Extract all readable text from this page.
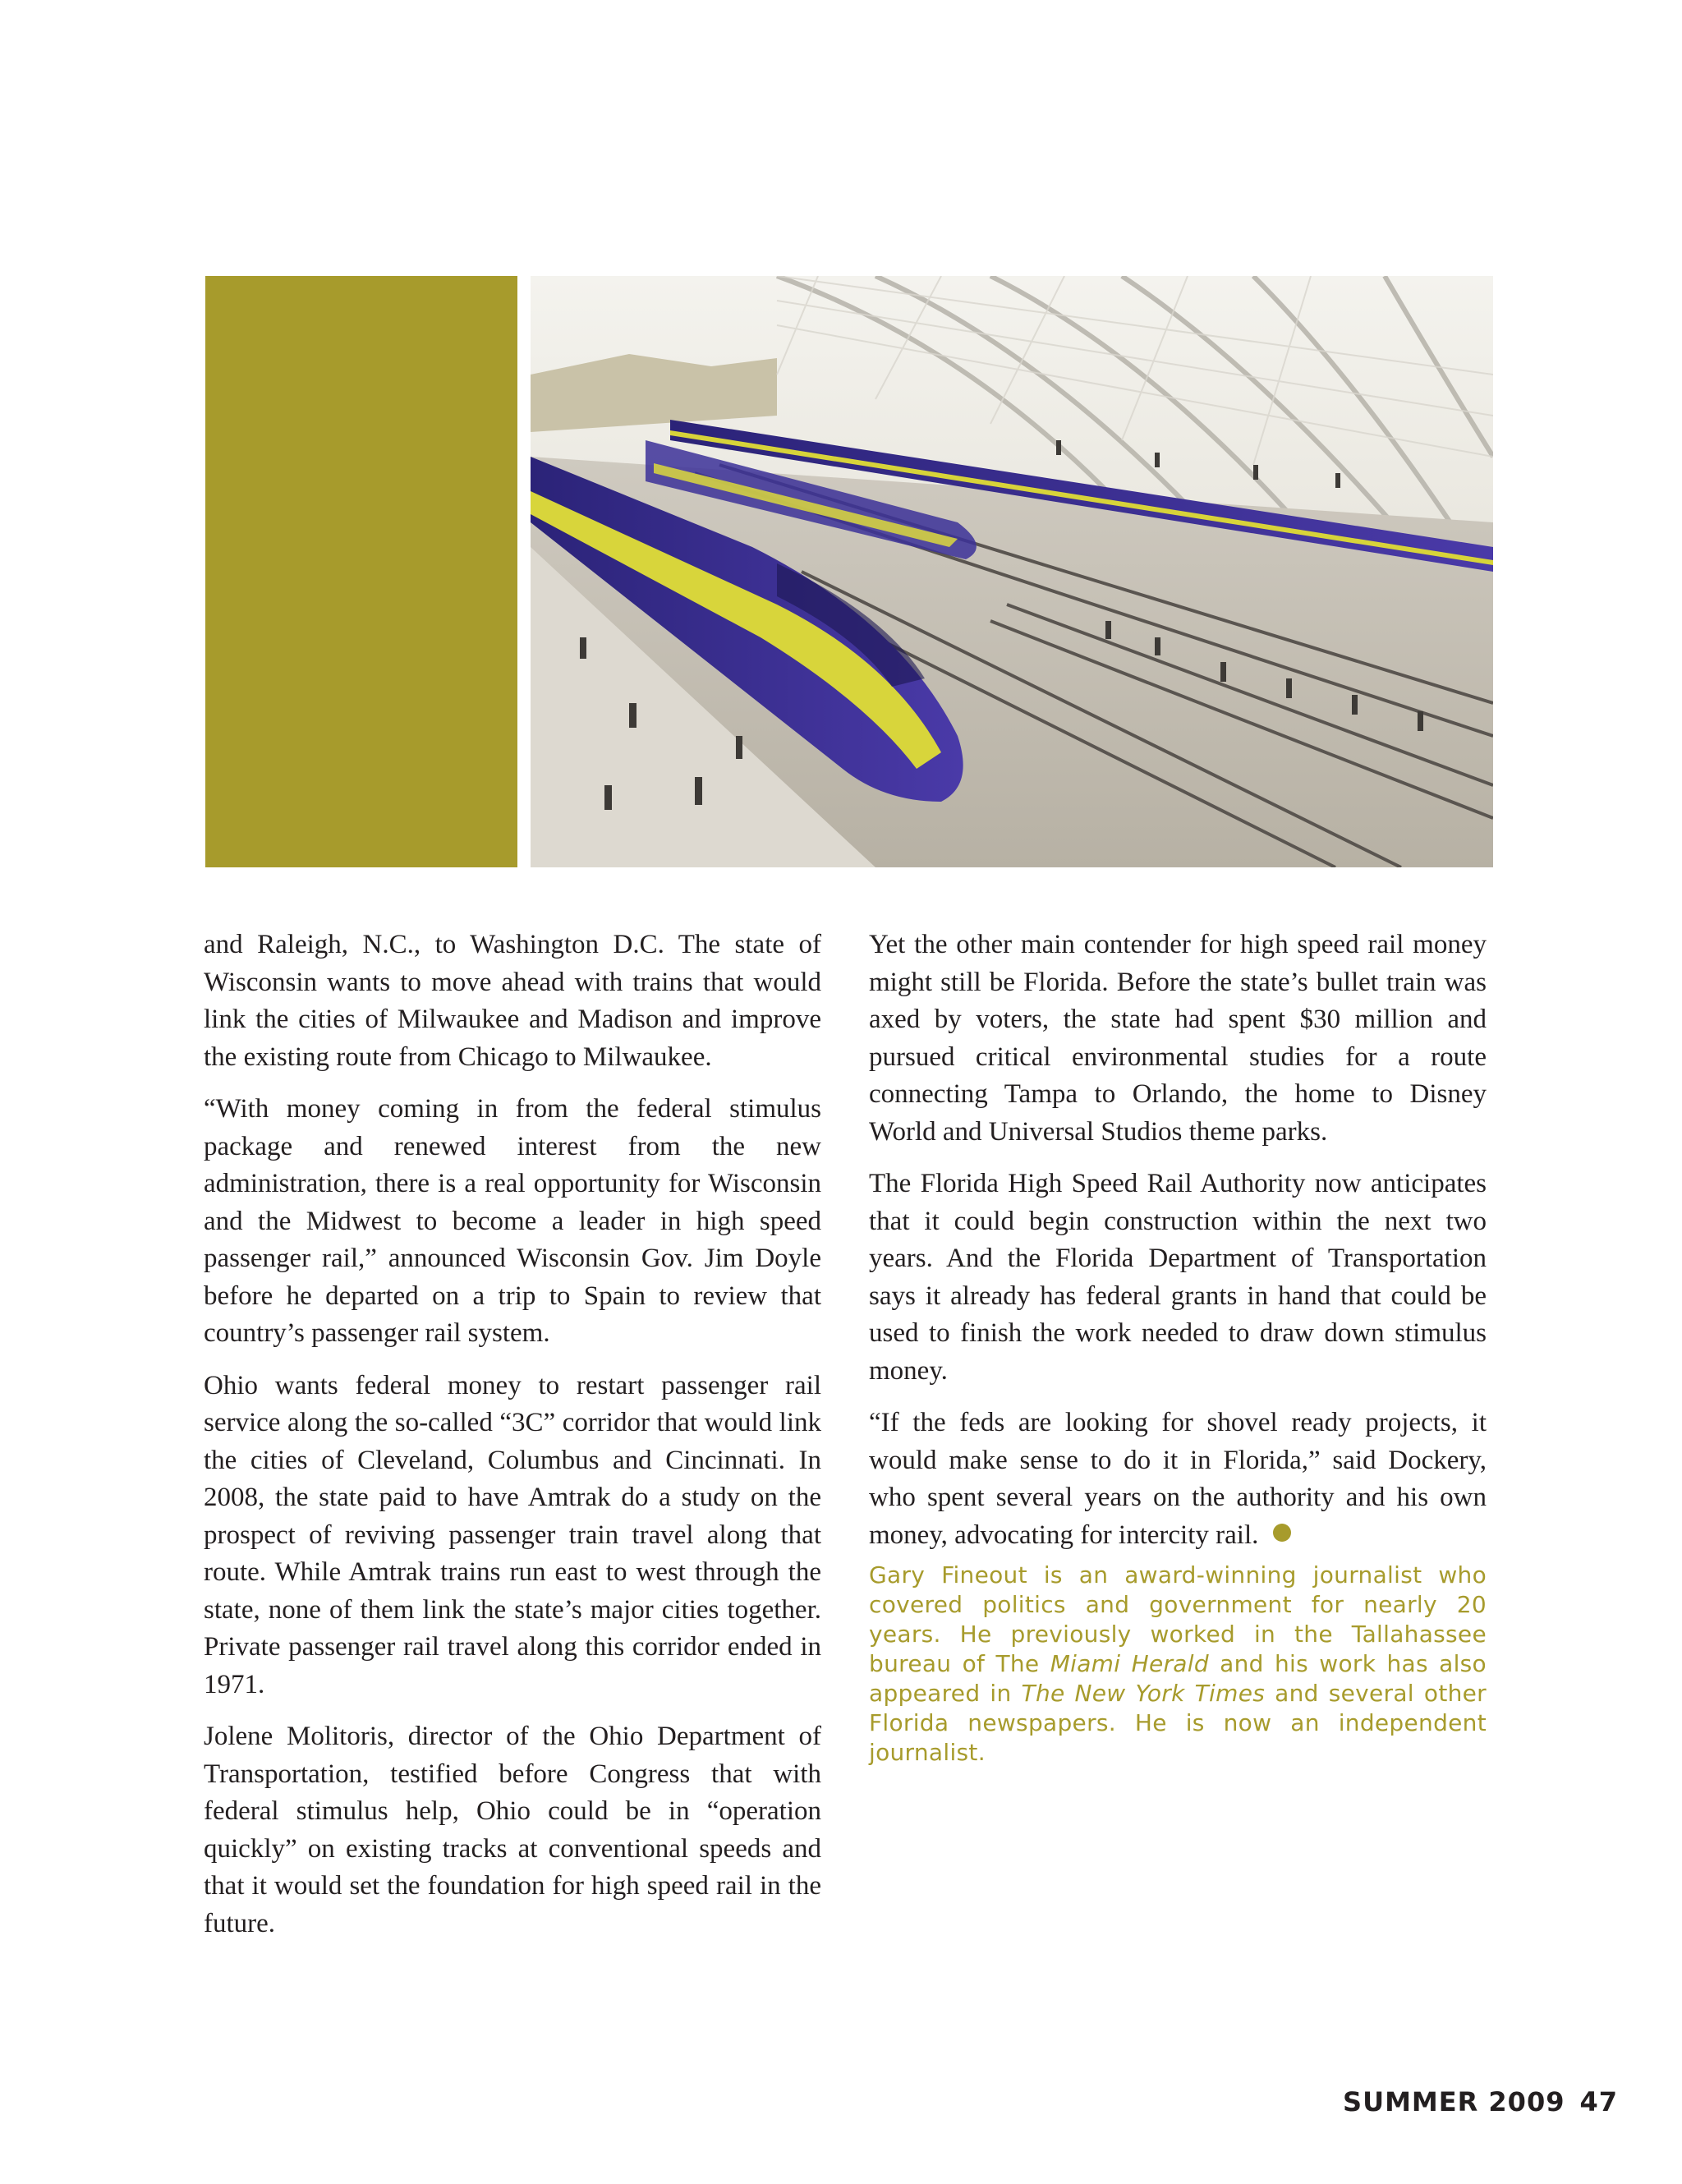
and Raleigh, N.C., to Washington D.C. The state of Wisconsin wants to move ahead with trains that would link the cities of Milwaukee and Madison and improve the existing route from Chicago to Milwaukee.

“With money coming in from the federal stimulus package and renewed interest from the new administration, there is a real opportunity for Wisconsin and the Midwest to become a leader in high speed passenger rail,” announced Wisconsin Gov. Jim Doyle before he departed on a trip to Spain to review that country’s passenger rail system.

Ohio wants federal money to restart passenger rail service along the so-called “3C” corridor that would link the cities of Cleveland, Columbus and Cincinnati. In 2008, the state paid to have Amtrak do a study on the prospect of reviving passenger train travel along that route. While Amtrak trains run east to west through the state, none of them link the state’s major cities together. Private passenger rail travel along this corridor ended in 1971.

Jolene Molitoris, director of the Ohio Department of Transportation, testified before Congress that with federal stimulus help, Ohio could be in “operation quickly” on existing tracks at conventional speeds and that it would set the foundation for high speed rail in the future.

Yet the other main contender for high speed rail money might still be Florida. Before the state’s bullet train was axed by voters, the state had spent $30 million and pursued critical environmental studies for a route connecting Tampa to Orlando, the home to Disney World and Universal Studios theme parks.

The Florida High Speed Rail Authority now anticipates that it could begin construction within the next two years. And the Florida Department of Transportation says it already has federal grants in hand that could be used to finish the work needed to draw down stimulus money.

“If the feds are looking for shovel ready projects, it would make sense to do it in Florida,” said Dockery, who spent several years on the authority and his own money, advocating for intercity rail.

Gary Fineout is an award-winning journalist who covered politics and government for nearly 20 years. He previously worked in the Tallahassee bureau of The Miami Herald and his work has also appeared in The New York Times and several other Florida newspapers. He is now an independent journalist.
SUMMER 2009 47
